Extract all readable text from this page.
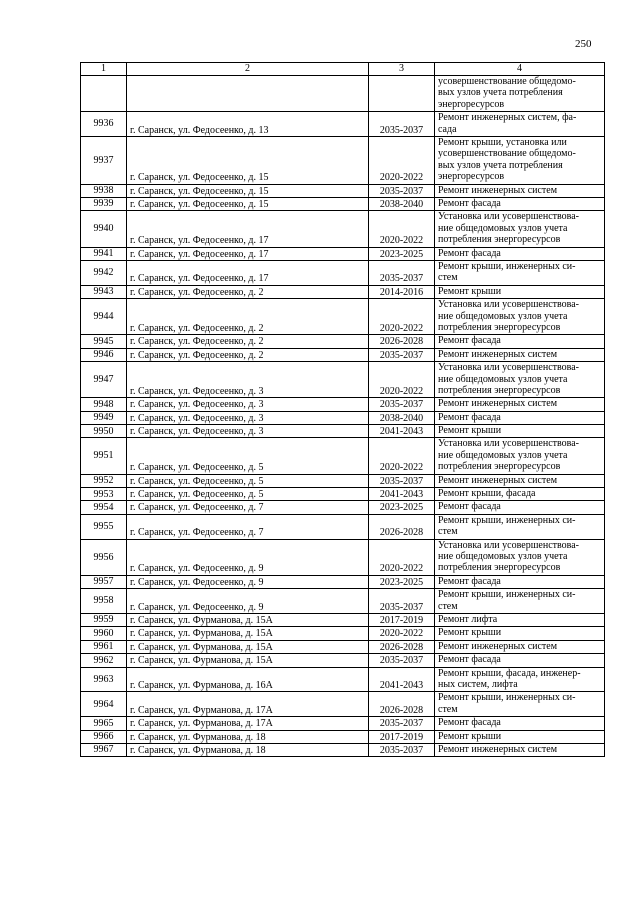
250
1	2	3	4

			усовершенствование общедомо-
вых узлов учета потребления
энергоресурсов

9936	г. Саранск, ул. Федосеенко, д. 13	2035-2037	Ремонт инженерных систем, фа-
сада

9937	г. Саранск, ул. Федосеенко, д. 15	2020-2022	Ремонт крыши, установка или
усовершенствование общедомо-
вых узлов учета потребления
энергоресурсов

9938	г. Саранск, ул. Федосеенко, д. 15	2035-2037	Ремонт инженерных систем

9939	г. Саранск, ул. Федосеенко, д. 15	2038-2040	Ремонт фасада

9940	г. Саранск, ул. Федосеенко, д. 17	2020-2022	Установка или усовершенствова-
ние общедомовых узлов учета
потребления энергоресурсов

9941	г. Саранск, ул. Федосеенко, д. 17	2023-2025	Ремонт фасада

9942	г. Саранск, ул. Федосеенко, д. 17	2035-2037	Ремонт крыши, инженерных си-
стем

9943	г. Саранск, ул. Федосеенко, д. 2	2014-2016	Ремонт крыши

9944	г. Саранск, ул. Федосеенко, д. 2	2020-2022	Установка или усовершенствова-
ние общедомовых узлов учета
потребления энергоресурсов

9945	г. Саранск, ул. Федосеенко, д. 2	2026-2028	Ремонт фасада

9946	г. Саранск, ул. Федосеенко, д. 2	2035-2037	Ремонт инженерных систем

9947	г. Саранск, ул. Федосеенко, д. 3	2020-2022	Установка или усовершенствова-
ние общедомовых узлов учета
потребления энергоресурсов

9948	г. Саранск, ул. Федосеенко, д. 3	2035-2037	Ремонт инженерных систем

9949	г. Саранск, ул. Федосеенко, д. 3	2038-2040	Ремонт фасада

9950	г. Саранск, ул. Федосеенко, д. 3	2041-2043	Ремонт крыши

9951	г. Саранск, ул. Федосеенко, д. 5	2020-2022	Установка или усовершенствова-
ние общедомовых узлов учета
потребления энергоресурсов

9952	г. Саранск, ул. Федосеенко, д. 5	2035-2037	Ремонт инженерных систем

9953	г. Саранск, ул. Федосеенко, д. 5	2041-2043	Ремонт крыши, фасада

9954	г. Саранск, ул. Федосеенко, д. 7	2023-2025	Ремонт фасада

9955	г. Саранск, ул. Федосеенко, д. 7	2026-2028	Ремонт крыши, инженерных си-
стем

9956	г. Саранск, ул. Федосеенко, д. 9	2020-2022	Установка или усовершенствова-
ние общедомовых узлов учета
потребления энергоресурсов

9957	г. Саранск, ул. Федосеенко, д. 9	2023-2025	Ремонт фасада

9958	г. Саранск, ул. Федосеенко, д. 9	2035-2037	Ремонт крыши, инженерных си-
стем

9959	г. Саранск, ул. Фурманова, д. 15А	2017-2019	Ремонт лифта

9960	г. Саранск, ул. Фурманова, д. 15А	2020-2022	Ремонт крыши

9961	г. Саранск, ул. Фурманова, д. 15А	2026-2028	Ремонт инженерных систем

9962	г. Саранск, ул. Фурманова, д. 15А	2035-2037	Ремонт фасада

9963	г. Саранск, ул. Фурманова, д. 16А	2041-2043	Ремонт крыши, фасада, инженер-
ных систем, лифта

9964	г. Саранск, ул. Фурманова, д. 17А	2026-2028	Ремонт крыши, инженерных си-
стем

9965	г. Саранск, ул. Фурманова, д. 17А	2035-2037	Ремонт фасада

9966	г. Саранск, ул. Фурманова, д. 18	2017-2019	Ремонт крыши

9967	г. Саранск, ул. Фурманова, д. 18	2035-2037	Ремонт инженерных систем
